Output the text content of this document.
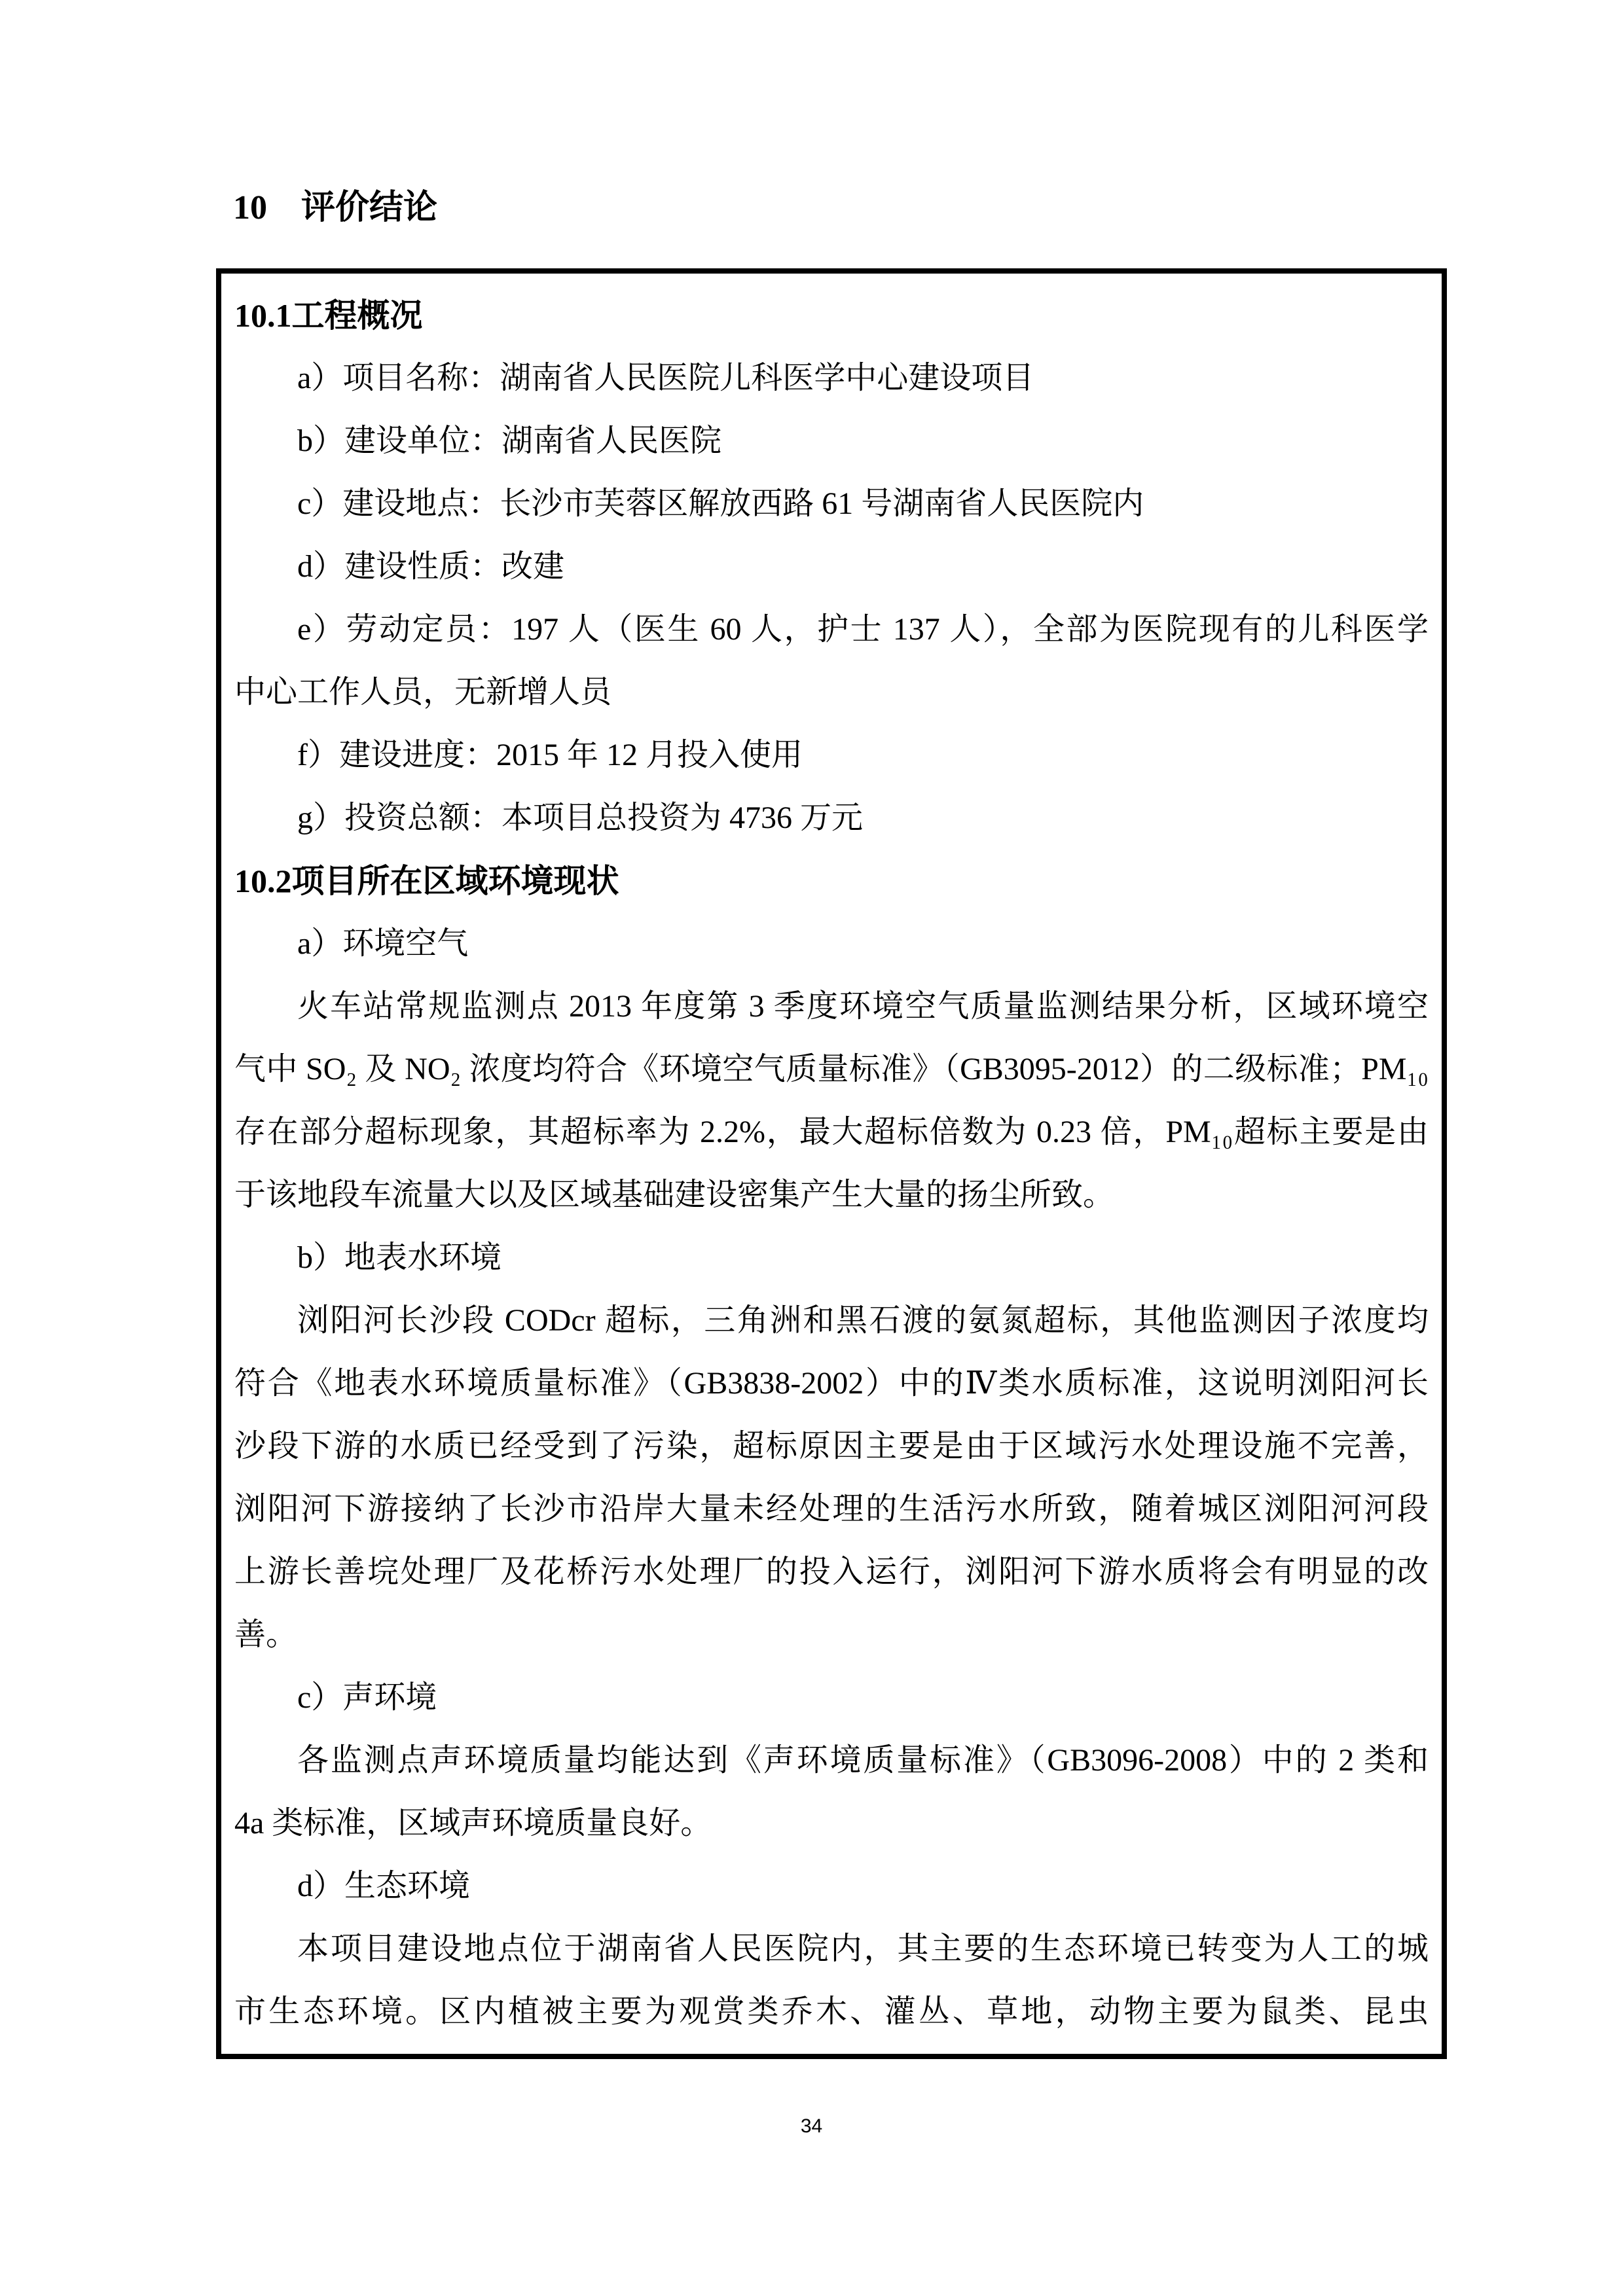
10　评价结论
10.1工程概况
a）项目名称：湖南省人民医院儿科医学中心建设项目
b）建设单位：湖南省人民医院
c）建设地点：长沙市芙蓉区解放西路 61 号湖南省人民医院内
d）建设性质：改建
e）劳动定员：197 人（医生 60 人，护士 137 人），全部为医院现有的儿科医学
中心工作人员，无新增人员
f）建设进度：2015 年 12 月投入使用
g）投资总额：本项目总投资为 4736 万元
10.2项目所在区域环境现状
a）环境空气
火车站常规监测点 2013 年度第 3 季度环境空气质量监测结果分析，区域环境空
气中 SO₂ 及 NO₂ 浓度均符合《环境空气质量标准》（GB3095-2012）的二级标准；PM₁₀
存在部分超标现象，其超标率为 2.2%，最大超标倍数为 0.23 倍，PM₁₀超标主要是由
于该地段车流量大以及区域基础建设密集产生大量的扬尘所致。
b）地表水环境
浏阳河长沙段 CODcr 超标，三角洲和黑石渡的氨氮超标，其他监测因子浓度均
符合《地表水环境质量标准》（GB3838-2002）中的Ⅳ类水质标准，这说明浏阳河长
沙段下游的水质已经受到了污染，超标原因主要是由于区域污水处理设施不完善，
浏阳河下游接纳了长沙市沿岸大量未经处理的生活污水所致，随着城区浏阳河河段
上游长善垸处理厂及花桥污水处理厂的投入运行，浏阳河下游水质将会有明显的改
善。
c）声环境
各监测点声环境质量均能达到《声环境质量标准》（GB3096-2008）中的 2 类和
4a 类标准，区域声环境质量良好。
d）生态环境
本项目建设地点位于湖南省人民医院内，其主要的生态环境已转变为人工的城
市生态环境。区内植被主要为观赏类乔木、灌丛、草地，动物主要为鼠类、昆虫
34
